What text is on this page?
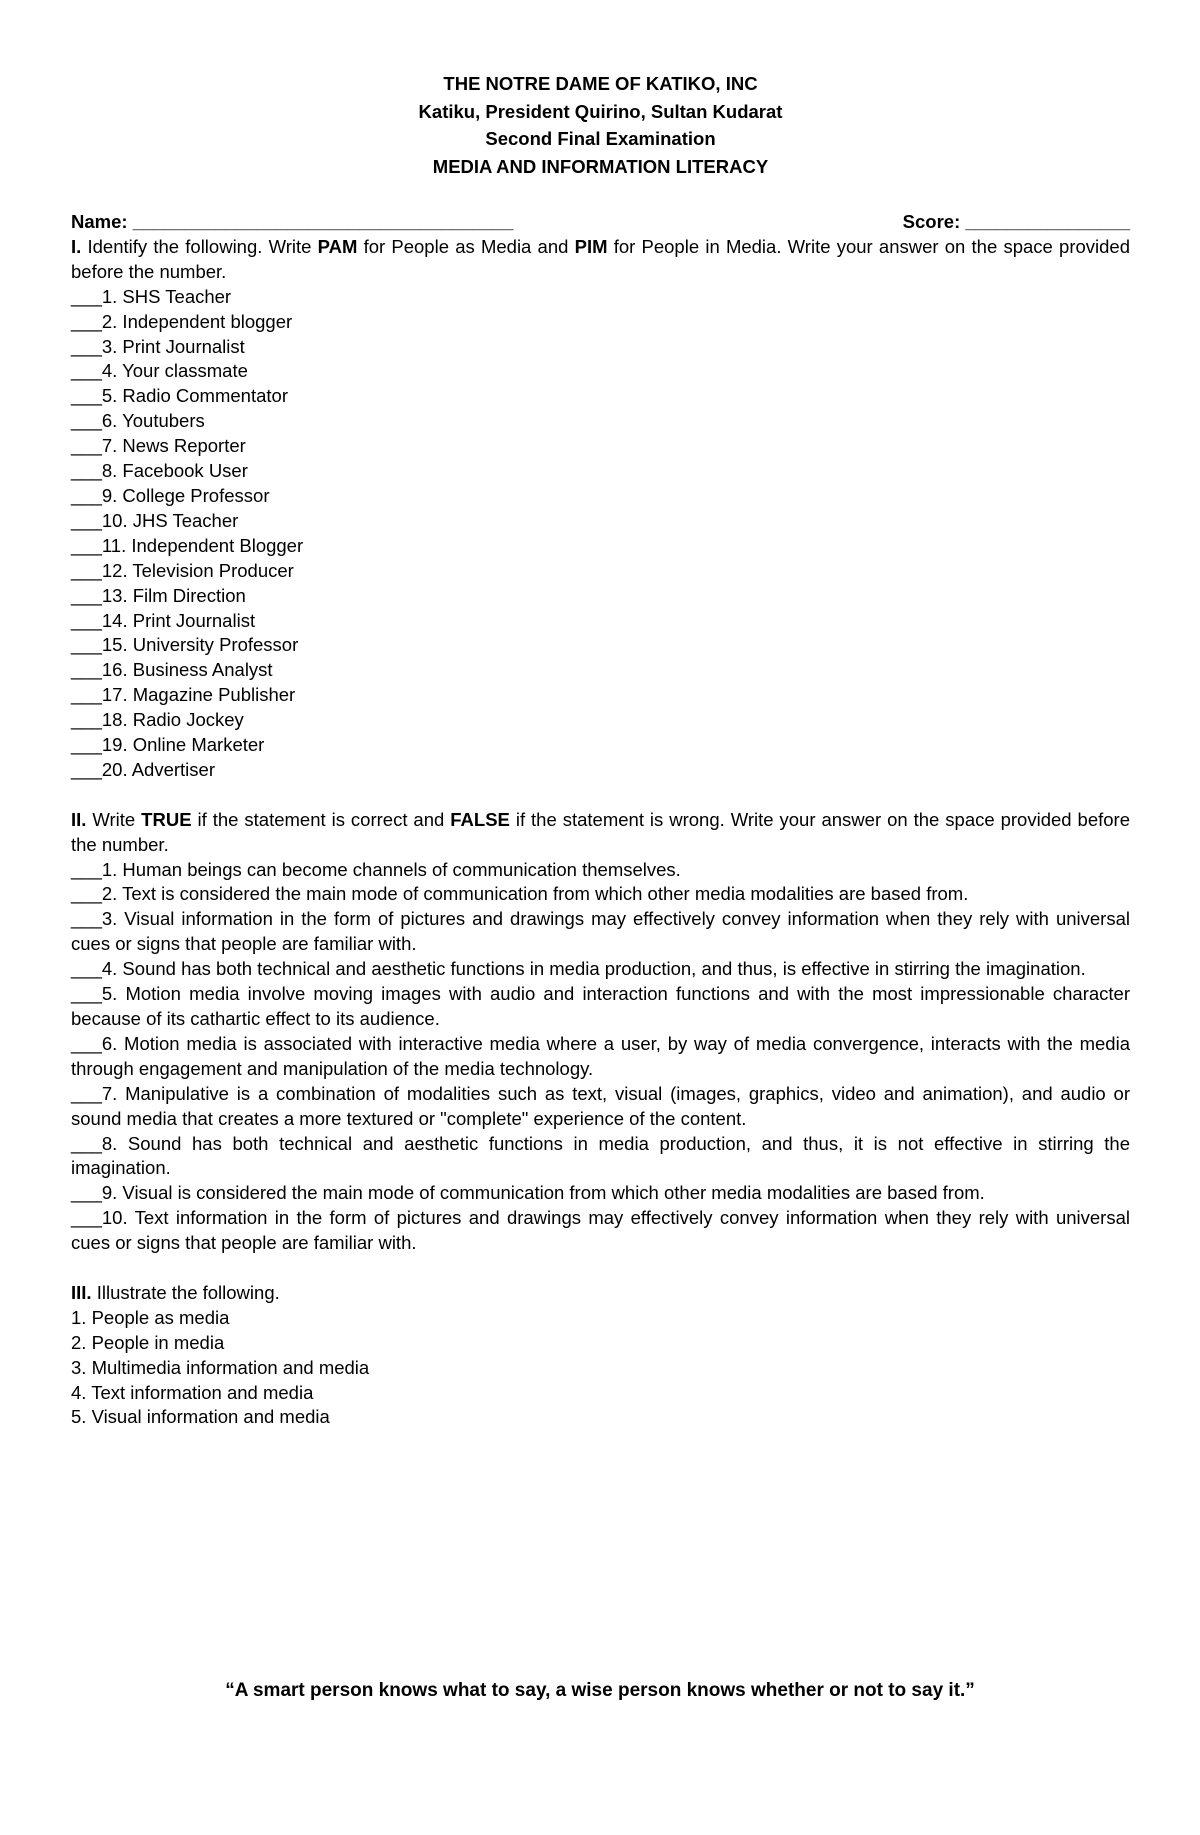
THE NOTRE DAME OF KATIKO, INC
Katiku, President Quirino, Sultan Kudarat
Second Final Examination
MEDIA AND INFORMATION LITERACY
Name: _____________________________________	Score: ________________
I. Identify the following. Write PAM for People as Media and PIM for People in Media. Write your answer on the space provided before the number.
___1. SHS Teacher
___2. Independent blogger
___3. Print Journalist
___4. Your classmate
___5. Radio Commentator
___6. Youtubers
___7. News Reporter
___8. Facebook User
___9. College Professor
___10. JHS Teacher
___11. Independent Blogger
___12. Television Producer
___13. Film Direction
___14. Print Journalist
___15. University Professor
___16. Business Analyst
___17. Magazine Publisher
___18. Radio Jockey
___19. Online Marketer
___20. Advertiser
II. Write TRUE if the statement is correct and FALSE if the statement is wrong. Write your answer on the space provided before the number.
___1. Human beings can become channels of communication themselves.
___2. Text is considered the main mode of communication from which other media modalities are based from.
___3. Visual information in the form of pictures and drawings may effectively convey information when they rely with universal cues or signs that people are familiar with.
___4. Sound has both technical and aesthetic functions in media production, and thus, is effective in stirring the imagination.
___5. Motion media involve moving images with audio and interaction functions and with the most impressionable character because of its cathartic effect to its audience.
___6. Motion media is associated with interactive media where a user, by way of media convergence, interacts with the media through engagement and manipulation of the media technology.
___7. Manipulative is a combination of modalities such as text, visual (images, graphics, video and animation), and audio or sound media that creates a more textured or "complete" experience of the content.
___8. Sound has both technical and aesthetic functions in media production, and thus, it is not effective in stirring the imagination.
___9. Visual is considered the main mode of communication from which other media modalities are based from.
___10. Text information in the form of pictures and drawings may effectively convey information when they rely with universal cues or signs that people are familiar with.
III. Illustrate the following.
1. People as media
2. People in media
3. Multimedia information and media
4. Text information and media
5. Visual information and media
“A smart person knows what to say, a wise person knows whether or not to say it.”
